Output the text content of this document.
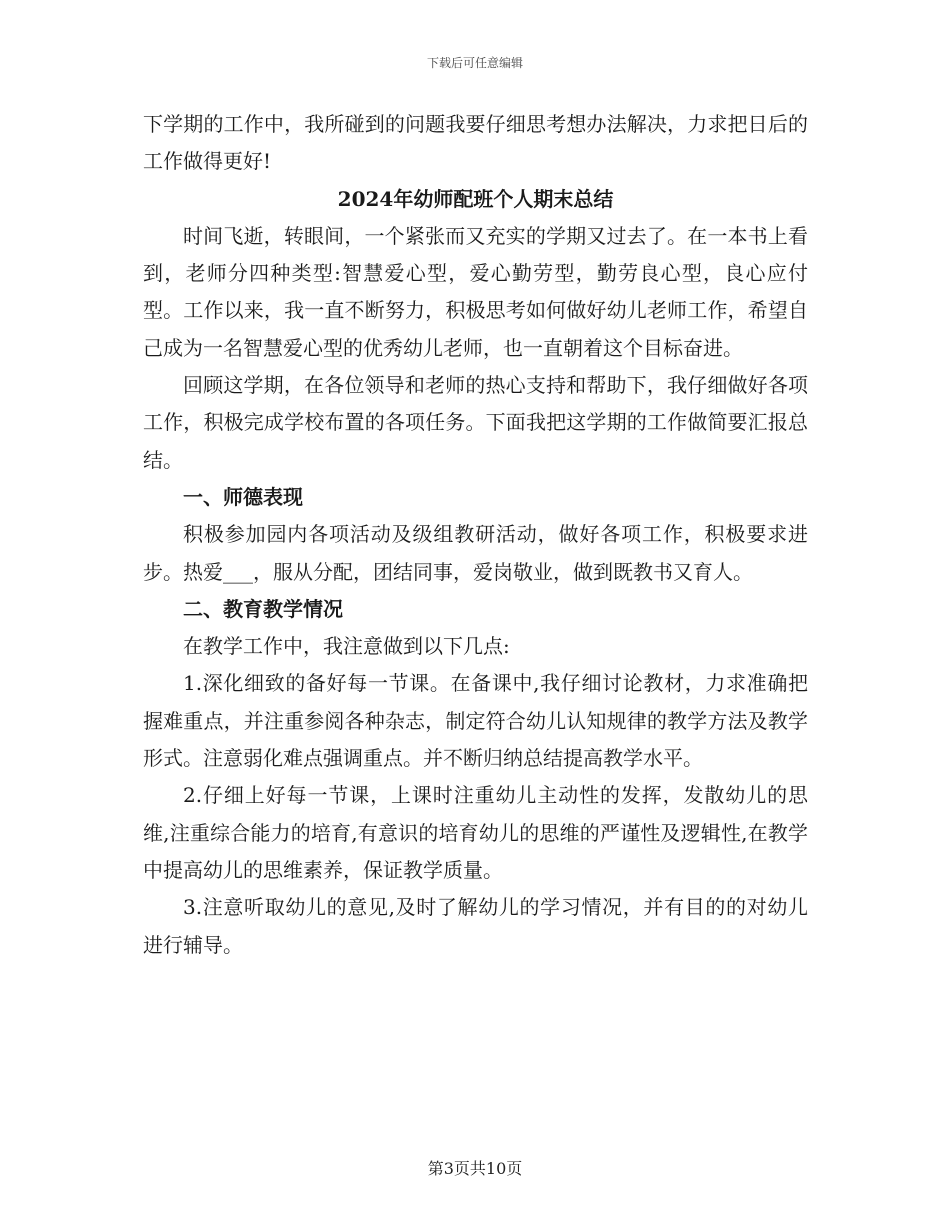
下载后可任意编辑

下学期的工作中，我所碰到的问题我要仔细思考想办法解决，力求把日后的工作做得更好!

2024年幼师配班个人期末总结

时间飞逝，转眼间，一个紧张而又充实的学期又过去了。在一本书上看到，老师分四种类型:智慧爱心型，爱心勤劳型，勤劳良心型，良心应付型。工作以来，我一直不断努力，积极思考如何做好幼儿老师工作，希望自己成为一名智慧爱心型的优秀幼儿老师，也一直朝着这个目标奋进。

回顾这学期，在各位领导和老师的热心支持和帮助下，我仔细做好各项工作，积极完成学校布置的各项任务。下面我把这学期的工作做简要汇报总结。

一、师德表现

积极参加园内各项活动及级组教研活动，做好各项工作，积极要求进步。热爱___，服从分配，团结同事，爱岗敬业，做到既教书又育人。

二、教育教学情况

在教学工作中，我注意做到以下几点:

1.深化细致的备好每一节课。在备课中,我仔细讨论教材，力求准确把握难重点，并注重参阅各种杂志，制定符合幼儿认知规律的教学方法及教学形式。注意弱化难点强调重点。并不断归纳总结提高教学水平。

2.仔细上好每一节课，上课时注重幼儿主动性的发挥，发散幼儿的思维,注重综合能力的培育,有意识的培育幼儿的思维的严谨性及逻辑性,在教学中提高幼儿的思维素养，保证教学质量。

3.注意听取幼儿的意见,及时了解幼儿的学习情况，并有目的的对幼儿进行辅导。

第3页共10页
